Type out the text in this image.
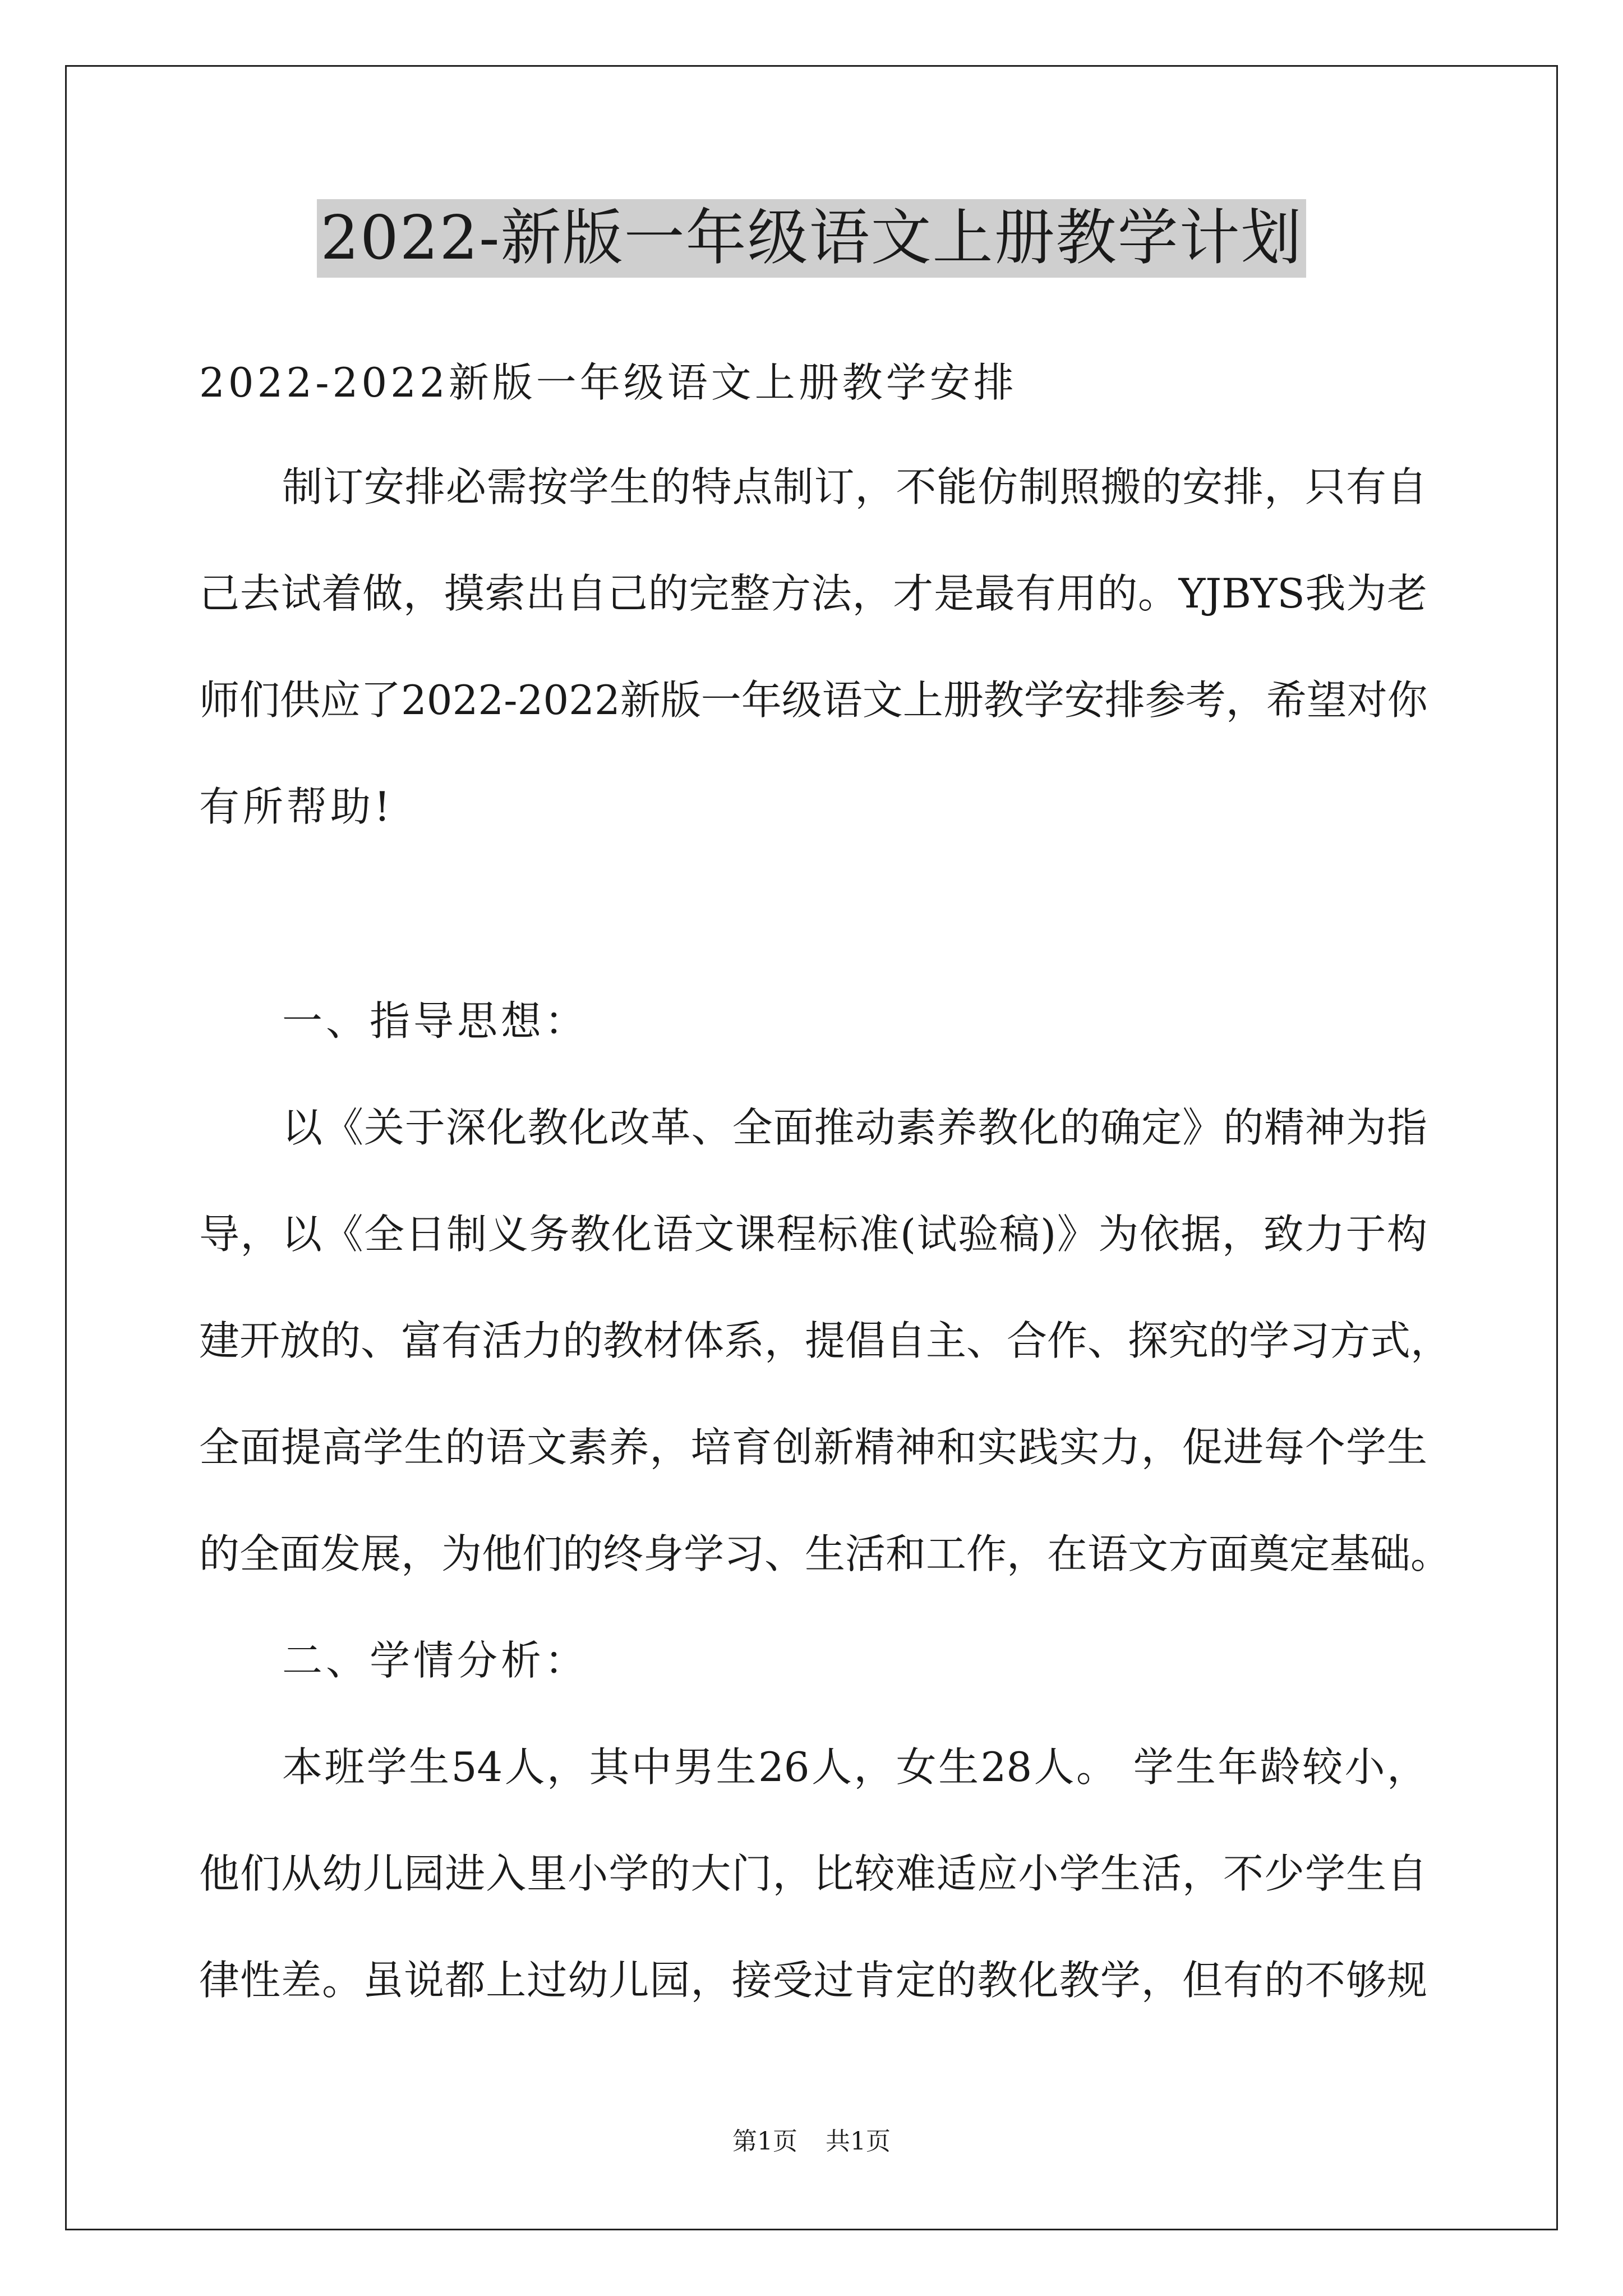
2022-新版一年级语文上册教学计划
2022-2022新版一年级语文上册教学安排
制订安排必需按学生的特点制订，不能仿制照搬的安排，只有自
己去试着做，摸索出自己的完整方法，才是最有用的。YJBYS我为老
师们供应了2022-2022新版一年级语文上册教学安排参考，希望对你
有所帮助!
一、指导思想：
以《关于深化教化改革、全面推动素养教化的确定》的精神为指
导，以《全日制义务教化语文课程标准(试验稿)》为依据，致力于构
建开放的、富有活力的教材体系，提倡自主、合作、探究的学习方式，
全面提高学生的语文素养，培育创新精神和实践实力，促进每个学生
的全面发展，为他们的终身学习、生活和工作，在语文方面奠定基础。
二、学情分析：
本班学生54人，其中男生26人，女生28人。 学生年龄较小，
他们从幼儿园进入里小学的大门，比较难适应小学生活，不少学生自
律性差。虽说都上过幼儿园，接受过肯定的教化教学，但有的不够规
第1页 共1页
